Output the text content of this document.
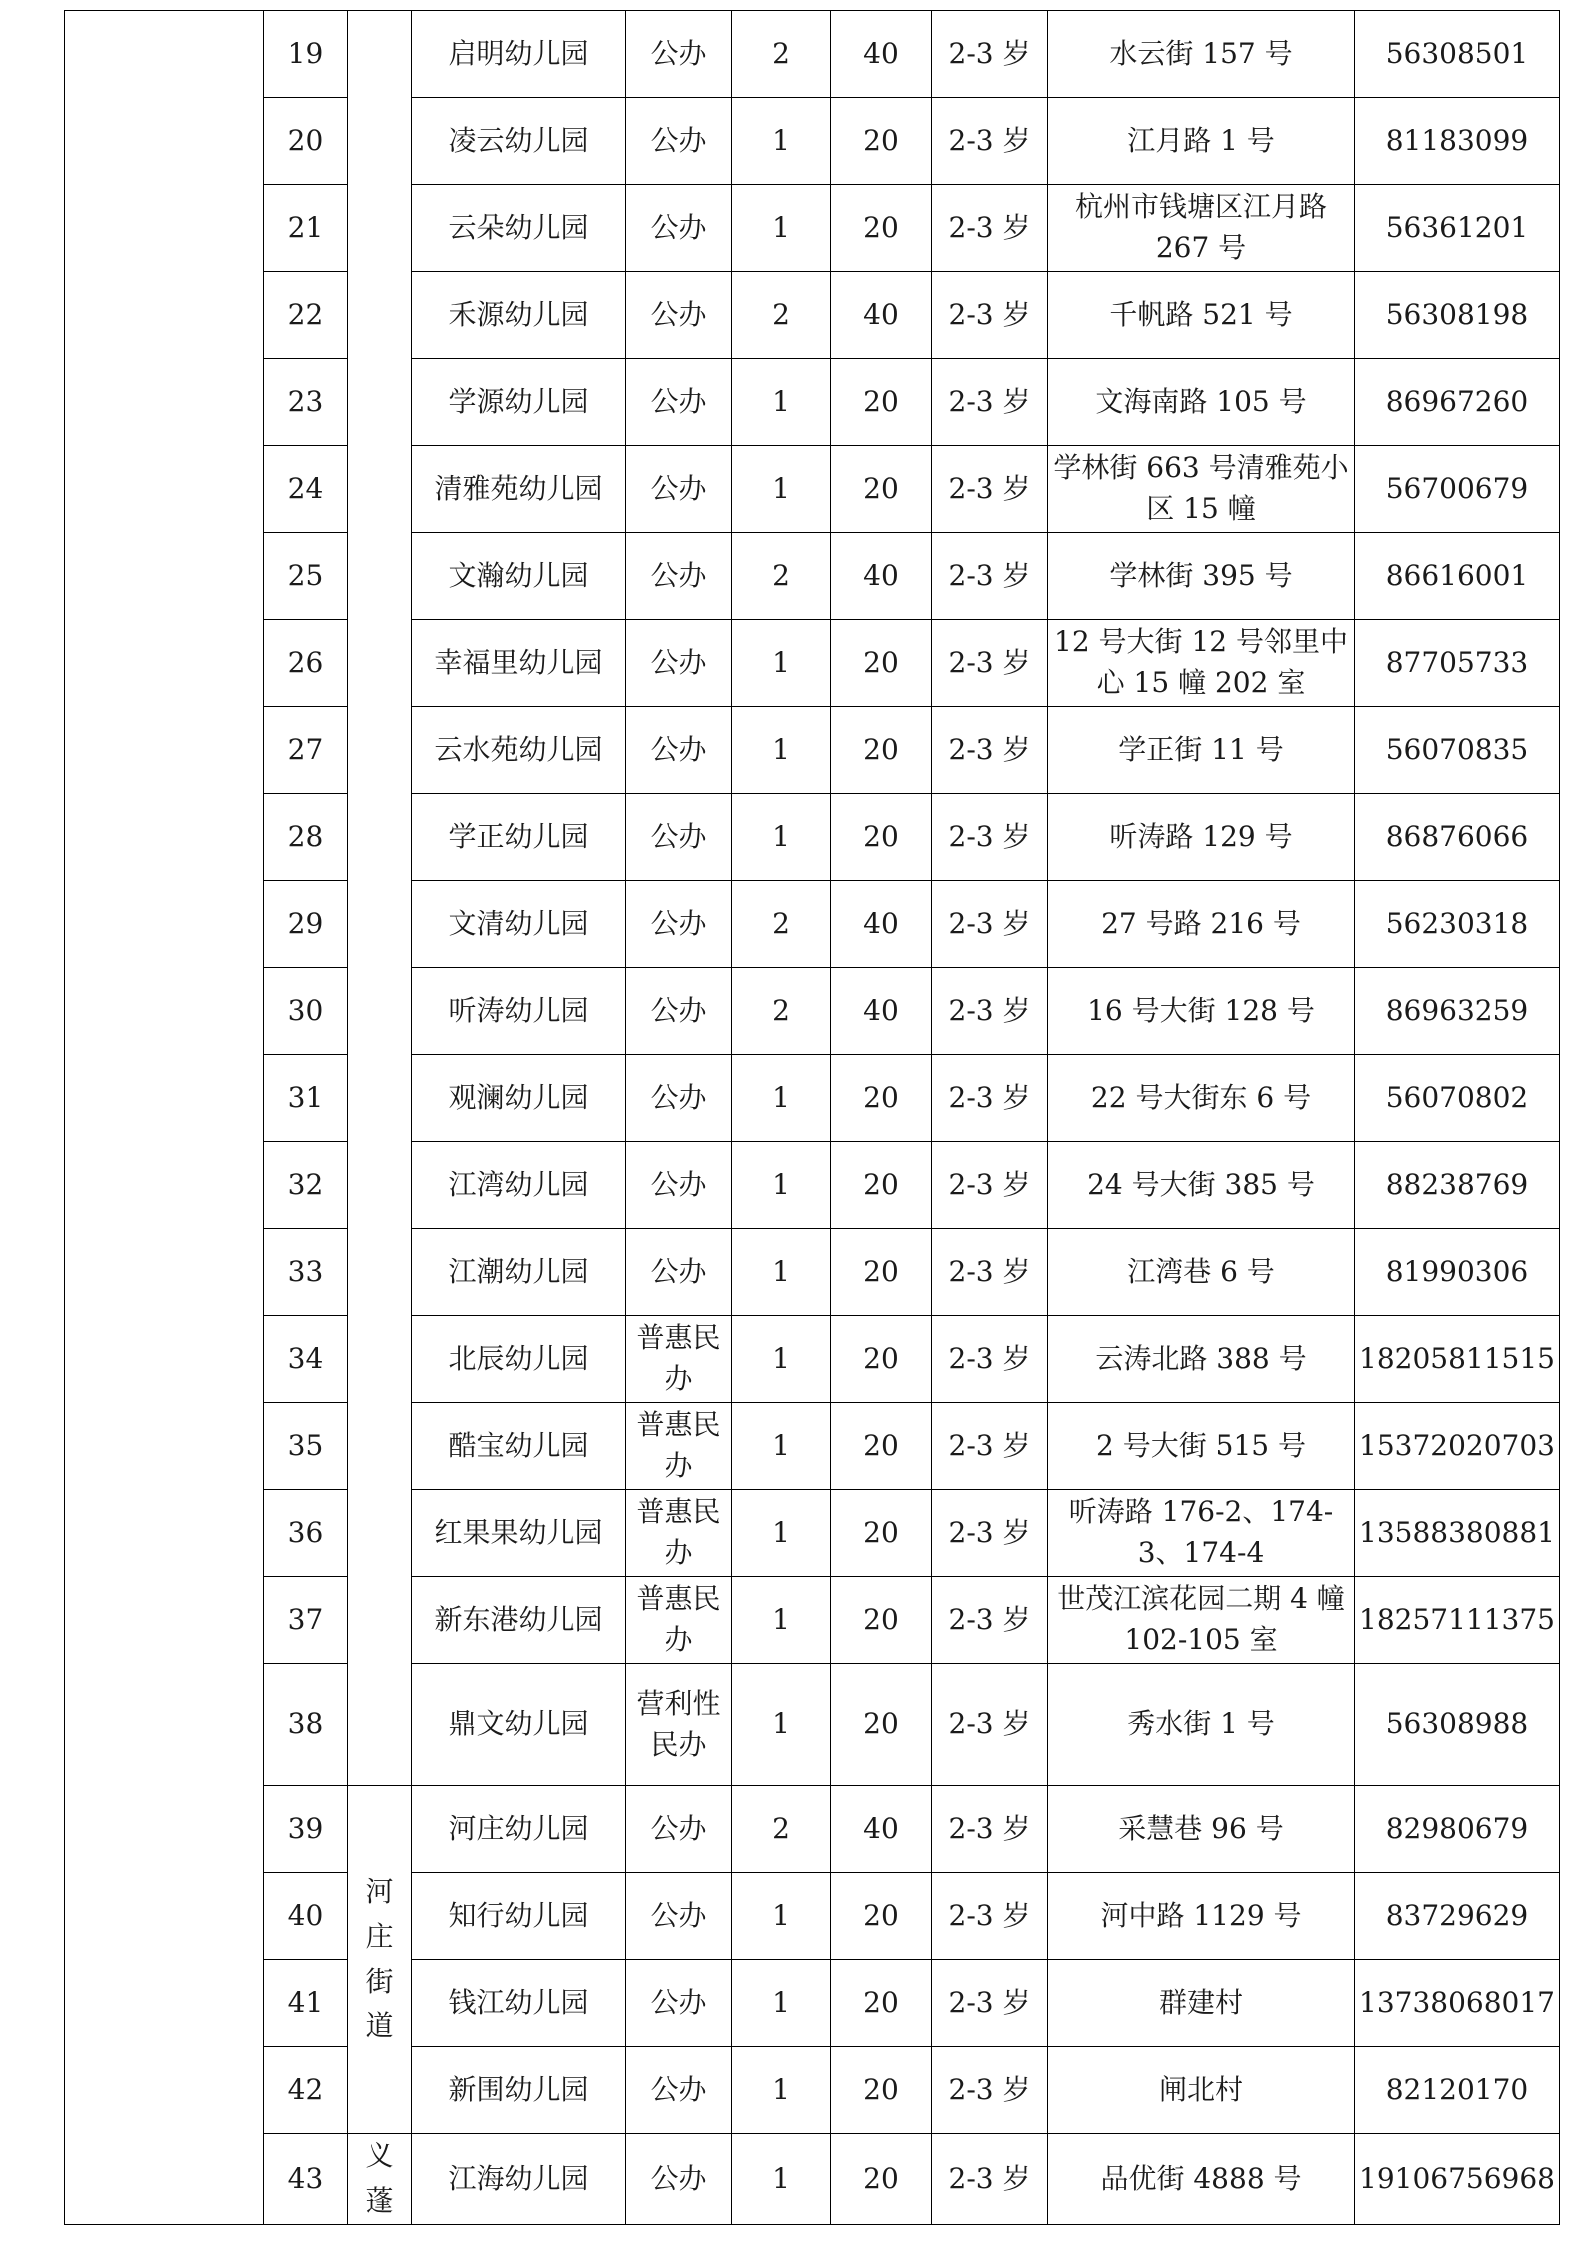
	19		启明幼儿园	公办	2	40	2-3 岁	水云街 157 号	56308501
	20		凌云幼儿园	公办	1	20	2-3 岁	江月路 1 号	81183099
	21		云朵幼儿园	公办	1	20	2-3 岁	杭州市钱塘区江月路 267 号	56361201
	22		禾源幼儿园	公办	2	40	2-3 岁	千帆路 521 号	56308198
	23		学源幼儿园	公办	1	20	2-3 岁	文海南路 105 号	86967260
	24		清雅苑幼儿园	公办	1	20	2-3 岁	学林街 663 号清雅苑小区 15 幢	56700679
	25		文瀚幼儿园	公办	2	40	2-3 岁	学林街 395 号	86616001
	26		幸福里幼儿园	公办	1	20	2-3 岁	12 号大街 12 号邻里中心 15 幢 202 室	87705733
	27		云水苑幼儿园	公办	1	20	2-3 岁	学正街 11 号	56070835
	28		学正幼儿园	公办	1	20	2-3 岁	听涛路 129 号	86876066
	29		文清幼儿园	公办	2	40	2-3 岁	27 号路 216 号	56230318
	30		听涛幼儿园	公办	2	40	2-3 岁	16 号大街 128 号	86963259
	31		观澜幼儿园	公办	1	20	2-3 岁	22 号大街东 6 号	56070802
	32		江湾幼儿园	公办	1	20	2-3 岁	24 号大街 385 号	88238769
	33		江潮幼儿园	公办	1	20	2-3 岁	江湾巷 6 号	81990306
	34		北辰幼儿园	普惠民办	1	20	2-3 岁	云涛北路 388 号	18205811515
	35		酷宝幼儿园	普惠民办	1	20	2-3 岁	2 号大街 515 号	15372020703
	36		红果果幼儿园	普惠民办	1	20	2-3 岁	听涛路 176-2、174-3、174-4	13588380881
	37		新东港幼儿园	普惠民办	1	20	2-3 岁	世茂江滨花园二期 4 幢 102-105 室	18257111375
	38		鼎文幼儿园	营利性民办	1	20	2-3 岁	秀水街 1 号	56308988
	39	河庄街道	河庄幼儿园	公办	2	40	2-3 岁	采慧巷 96 号	82980679
	40		知行幼儿园	公办	1	20	2-3 岁	河中路 1129 号	83729629
	41		钱江幼儿园	公办	1	20	2-3 岁	群建村	13738068017
	42		新围幼儿园	公办	1	20	2-3 岁	闸北村	82120170
	43	义蓬	江海幼儿园	公办	1	20	2-3 岁	品优街 4888 号	19106756968
